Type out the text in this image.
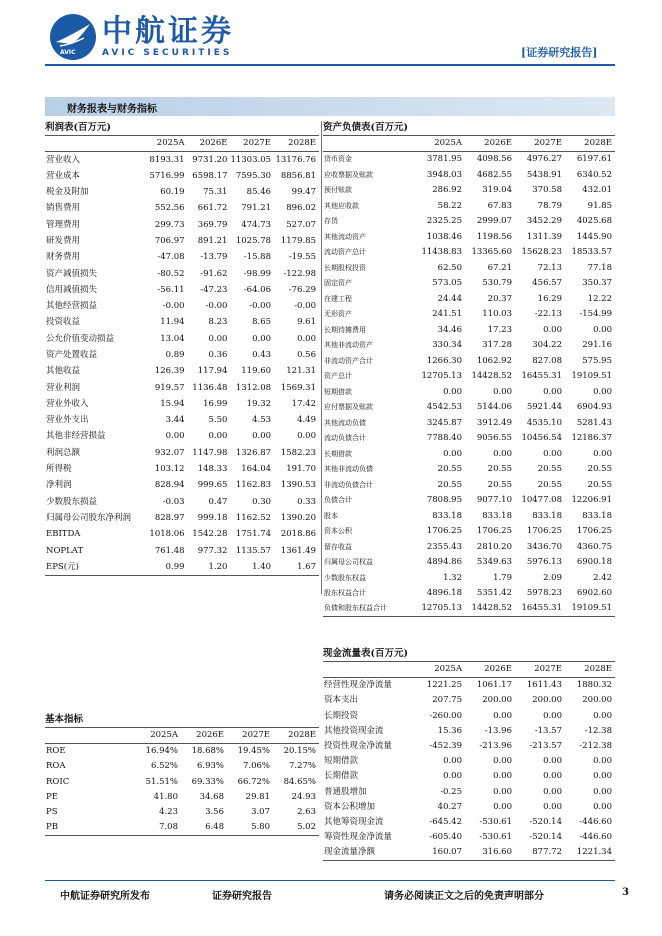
AVIC
中航证券
AVIC SECURITIES	[证券研究报告]
财务报表与财务指标
利润表(百万元)
	2025A	2026E	2027E	2028E
营业收入	8193.31	9731.20	11303.05	13176.76
营业成本	5716.99	6598.17	7595.30	8856.81
税金及附加	60.19	75.31	85.46	99.47
销售费用	552.56	661.72	791.21	896.02
管理费用	299.73	369.79	474.73	527.07
研发费用	706.97	891.21	1025.78	1179.85
财务费用	-47.08	-13.79	-15.88	-19.55
资产减值损失	-80.52	-91.62	-98.99	-122.98
信用减值损失	-56.11	-47.23	-64.06	-76.29
其他经营损益	-0.00	-0.00	-0.00	-0.00
投资收益	11.94	8.23	8.65	9.61
公允价值变动损益	13.04	0.00	0.00	0.00
资产处置收益	0.89	0.36	0.43	0.56
其他收益	126.39	117.94	119.60	121.31
营业利润	919.57	1136.48	1312.08	1569.31
营业外收入	15.94	16.99	19.32	17.42
营业外支出	3.44	5.50	4.53	4.49
其他非经营损益	0.00	0.00	0.00	0.00
利润总额	932.07	1147.98	1326.87	1582.23
所得税	103.12	148.33	164.04	191.70
净利润	828.94	999.65	1162.83	1390.53
少数股东损益	-0.03	0.47	0.30	0.33
归属母公司股东净利润	828.97	999.18	1162.52	1390.20
EBITDA	1018.06	1542.28	1751.74	2018.86
NOPLAT	761.48	977.32	1135.57	1361.49
EPS(元)	0.99	1.20	1.40	1.67
资产负债表(百万元)
	2025A	2026E	2027E	2028E
货币资金	3781.95	4098.56	4976.27	6197.61
应收票据及账款	3948.03	4682.55	5438.91	6340.52
预付账款	286.92	319.04	370.58	432.01
其他应收款	58.22	67.83	78.79	91.85
存货	2325.25	2999.07	3452.29	4025.68
其他流动资产	1038.46	1198.56	1311.39	1445.90
流动资产总计	11438.83	13365.60	15628.23	18533.57
长期股权投资	62.50	67.21	72.13	77.18
固定资产	573.05	530.79	456.57	350.37
在建工程	24.44	20.37	16.29	12.22
无形资产	241.51	110.03	-22.13	-154.99
长期待摊费用	34.46	17.23	0.00	0.00
其他非流动资产	330.34	317.28	304.22	291.16
非流动资产合计	1266.30	1062.92	827.08	575.95
资产总计	12705.13	14428.52	16455.31	19109.51
短期借款	0.00	0.00	0.00	0.00
应付票据及账款	4542.53	5144.06	5921.44	6904.93
其他流动负债	3245.87	3912.49	4535.10	5281.43
流动负债合计	7788.40	9056.55	10456.54	12186.37
长期借款	0.00	0.00	0.00	0.00
其他非流动负债	20.55	20.55	20.55	20.55
非流动负债合计	20.55	20.55	20.55	20.55
负债合计	7808.95	9077.10	10477.08	12206.91
股本	833.18	833.18	833.18	833.18
资本公积	1706.25	1706.25	1706.25	1706.25
留存收益	2355.43	2810.20	3436.70	4360.75
归属母公司权益	4894.86	5349.63	5976.13	6900.18
少数股东权益	1.32	1.79	2.09	2.42
股东权益合计	4896.18	5351.42	5978.23	6902.60
负债和股东权益合计	12705.13	14428.52	16455.31	19109.51
现金流量表(百万元)
	2025A	2026E	2027E	2028E
经营性现金净流量	1221.25	1061.17	1611.43	1880.32
资本支出	207.75	200.00	200.00	200.00
长期投资	-260.00	0.00	0.00	0.00
其他投资现金流	15.36	-13.96	-13.57	-12.38
投资性现金净流量	-452.39	-213.96	-213.57	-212.38
短期借款	0.00	0.00	0.00	0.00
长期借款	0.00	0.00	0.00	0.00
普通股增加	-0.25	0.00	0.00	0.00
资本公积增加	40.27	0.00	0.00	0.00
其他筹资现金流	-645.42	-530.61	-520.14	-446.60
筹资性现金净流量	-605.40	-530.61	-520.14	-446.60
现金流量净额	160.07	316.60	877.72	1221.34
基本指标
	2025A	2026E	2027E	2028E
ROE	16.94%	18.68%	19.45%	20.15%
ROA	6.52%	6.93%	7.06%	7.27%
ROIC	51.51%	69.33%	66.72%	84.65%
PE	41.80	34.68	29.81	24.93
PS	4.23	3.56	3.07	2.63
PB	7.08	6.48	5.80	5.02
中航证券研究所发布	证券研究报告	请务必阅读正文之后的免责声明部分	3
